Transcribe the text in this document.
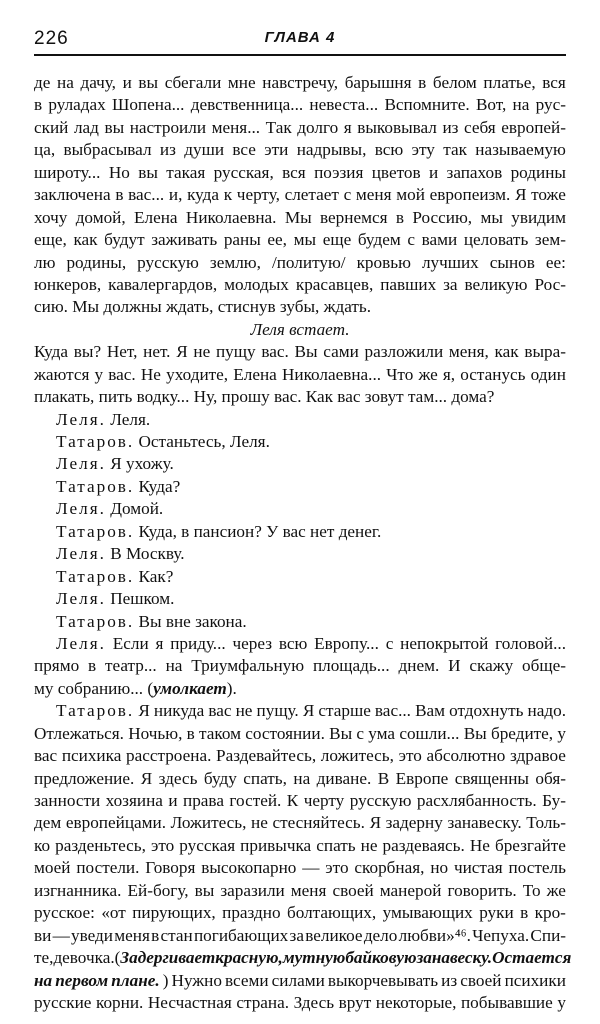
226	ГЛАВА 4
де на дачу, и вы сбегали мне навстречу, барышня в белом платье, вся
в руладах Шопена... девственница... невеста... Вспомните. Вот, на рус-
ский лад вы настроили меня... Так долго я выковывал из себя европей-
ца, выбрасывал из души все эти надрывы, всю эту так называемую
широту... Но вы такая русская, вся поэзия цветов и запахов родины
заключена в вас... и, куда к черту, слетает с меня мой европеизм. Я тоже
хочу домой, Елена Николаевна. Мы вернемся в Россию, мы увидим
еще, как будут заживать раны ее, мы еще будем с вами целовать зем-
лю родины, русскую землю, /политую/ кровью лучших сынов ее:
юнкеров, кавалергардов, молодых красавцев, павших за великую Рос-
сию. Мы должны ждать, стиснув зубы, ждать.
Леля встает.
Куда вы? Нет, нет. Я не пущу вас. Вы сами разложили меня, как выра-
жаются у вас. Не уходите, Елена Николаевна... Что же я, останусь один
плакать, пить водку... Ну, прошу вас. Как вас зовут там... дома?
Леля. Леля.
Татаров. Останьтесь, Леля.
Леля. Я ухожу.
Татаров. Куда?
Леля. Домой.
Татаров. Куда, в пансион? У вас нет денег.
Леля. В Москву.
Татаров. Как?
Леля. Пешком.
Татаров. Вы вне закона.
Леля. Если я приду... через всю Европу... с непокрытой головой...
прямо в театр... на Триумфальную площадь... днем. И скажу обще-
му собранию... ( умолкает ).
Татаров. Я никуда вас не пущу. Я старше вас... Вам отдохнуть надо.
Отлежаться. Ночью, в таком состоянии. Вы с ума сошли... Вы бредите, у
вас психика расстроена. Раздевайтесь, ложитесь, это абсолютно здравое
предложение. Я здесь буду спать, на диване. В Европе священны обя-
занности хозяина и права гостей. К черту русскую расхлябанность. Бу-
дем европейцами. Ложитесь, не стесняйтесь. Я задерну занавеску. Толь-
ко разденьтесь, это русская привычка спать не раздеваясь. Не брезгайте
моей постели. Говоря высокопарно — это скорбная, но чистая постель
изгнанника. Ей-богу, вы заразили меня своей манерой говорить. То же
русское: «от пирующих, праздно болтающих, умывающих руки в кро-
ви — уведи меня в стан погибающих за великое дело любви»⁴⁶. Чепуха. Спи-
те, девочка. ( Задергивает красную, мутную байковую занавеску. Остается
на первом плане. ) Нужно всеми силами выкорчевывать из своей психики
русские корни. Несчастная страна. Здесь врут некоторые, побывавшие у
